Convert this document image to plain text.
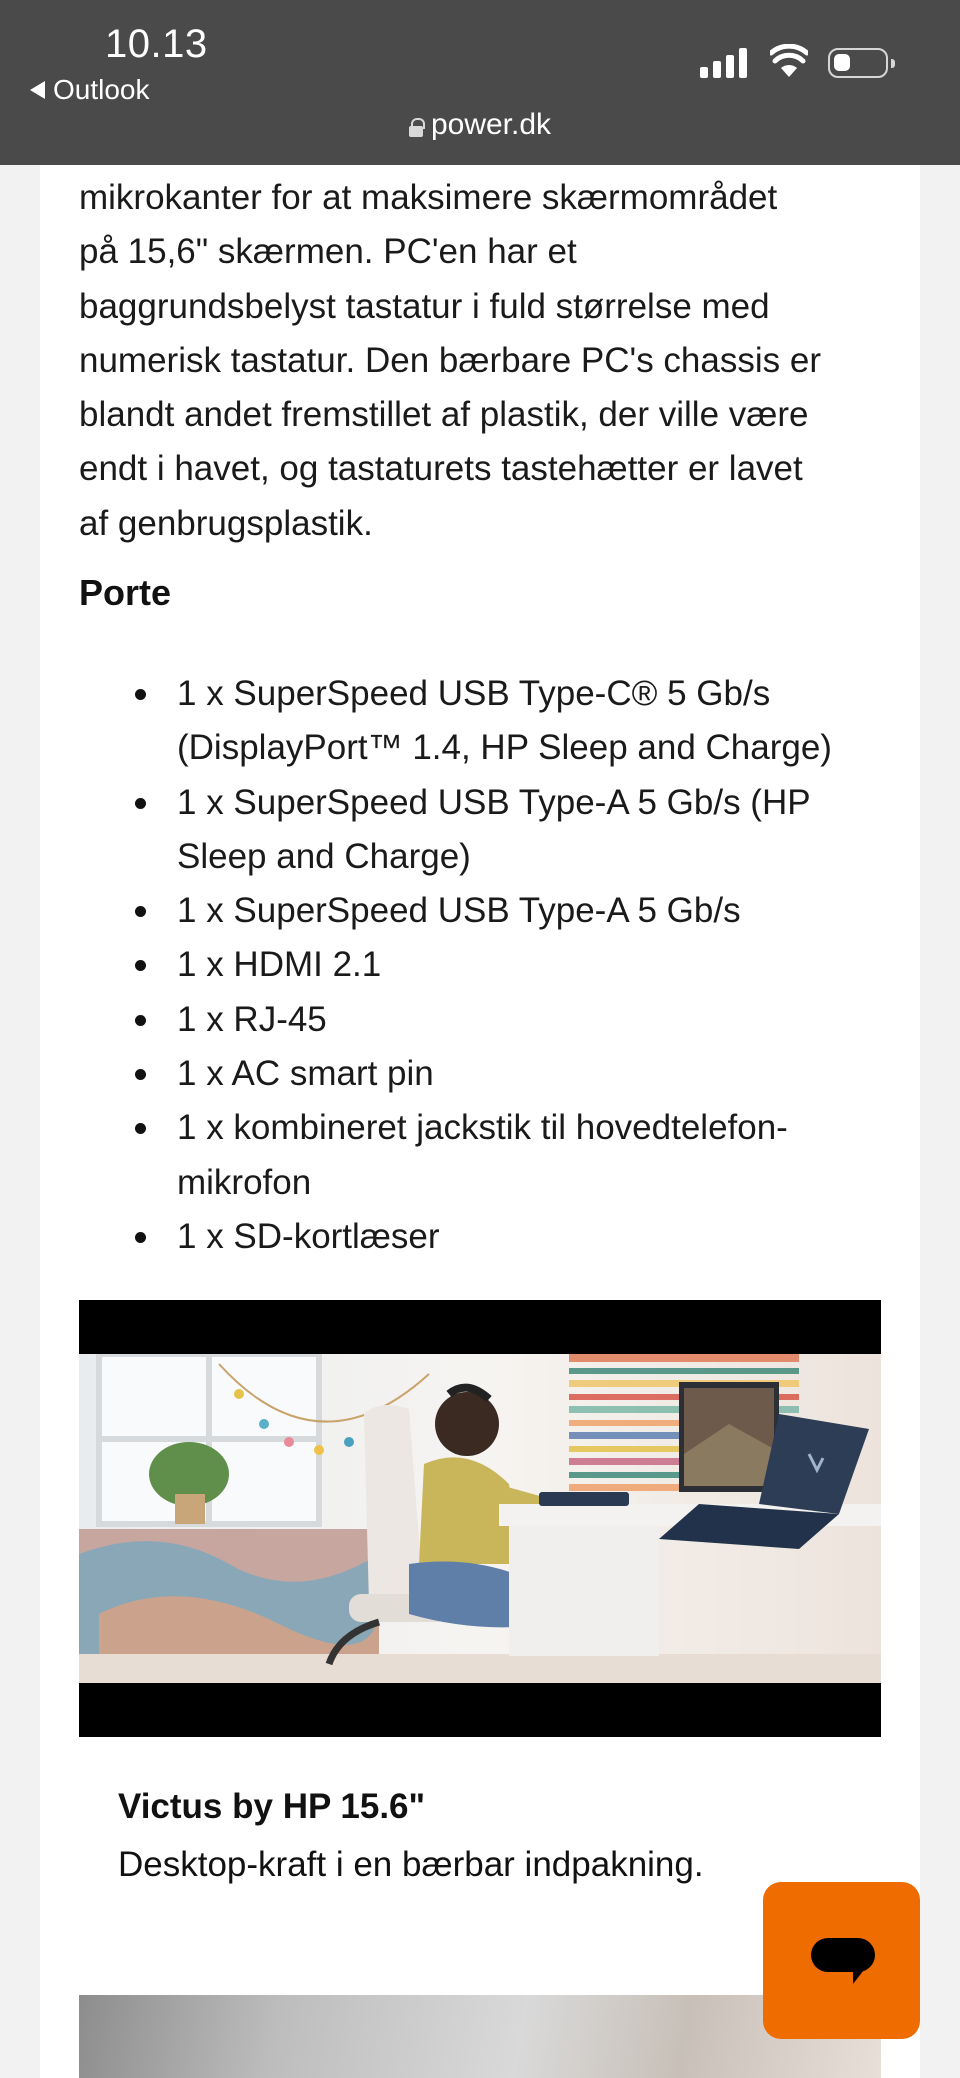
10.13
Outlook
power.dk
mikrokanter for at maksimere skærmområdet
på 15,6" skærmen. PC'en har et
baggrundsbelyst tastatur i fuld størrelse med
numerisk tastatur. Den bærbare PC's chassis er
blandt andet fremstillet af plastik, der ville være
endt i havet, og tastaturets tastehætter er lavet
af genbrugsplastik.
Porte
1 x SuperSpeed USB Type-C® 5 Gb/s
(DisplayPort™ 1.4, HP Sleep and Charge)
1 x SuperSpeed USB Type-A 5 Gb/s (HP
Sleep and Charge)
1 x SuperSpeed USB Type-A 5 Gb/s
1 x HDMI 2.1
1 x RJ-45
1 x AC smart pin
1 x kombineret jackstik til hovedtelefon-
mikrofon
1 x SD-kortlæser
Victus by HP 15.6"
Desktop-kraft i en bærbar indpakning.
